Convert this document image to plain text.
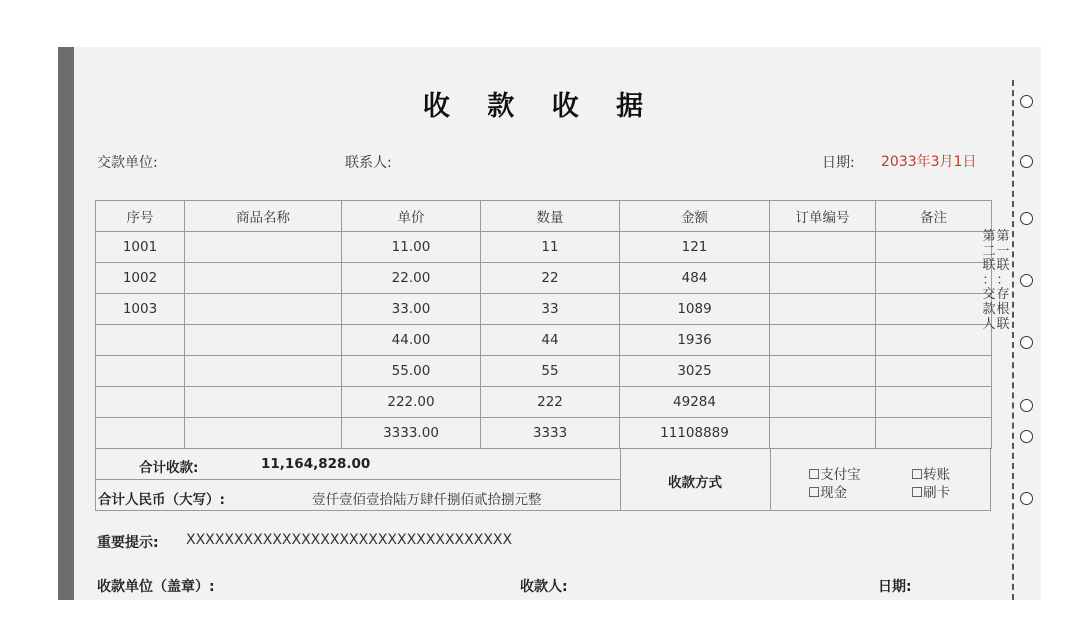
收 款 收 据
交款单位:	联系人:	日期: 2033年3月1日
序号	商品名称	单价	数量	金额	订单编号	备注
1001		11.00	11	121		
1002		22.00	22	484		
1003		33.00	33	1089		
		44.00	44	1936		
		55.00	55	3025		
		222.00	222	49284		
		3333.00	3333	11108889		
合计收款:	11,164,828.00
合计人民币（大写）:	壹仟壹佰壹拾陆万肆仟捌佰贰拾捌元整
收款方式	☐支付宝	☐转账
☐现金	☐刷卡
第
二
联
：
交
款
人
第
一
联
：
存
根
联
重要提示: XXXXXXXXXXXXXXXXXXXXXXXXXXXXXXXXXX
收款单位（盖章）:	收款人:	日期:
